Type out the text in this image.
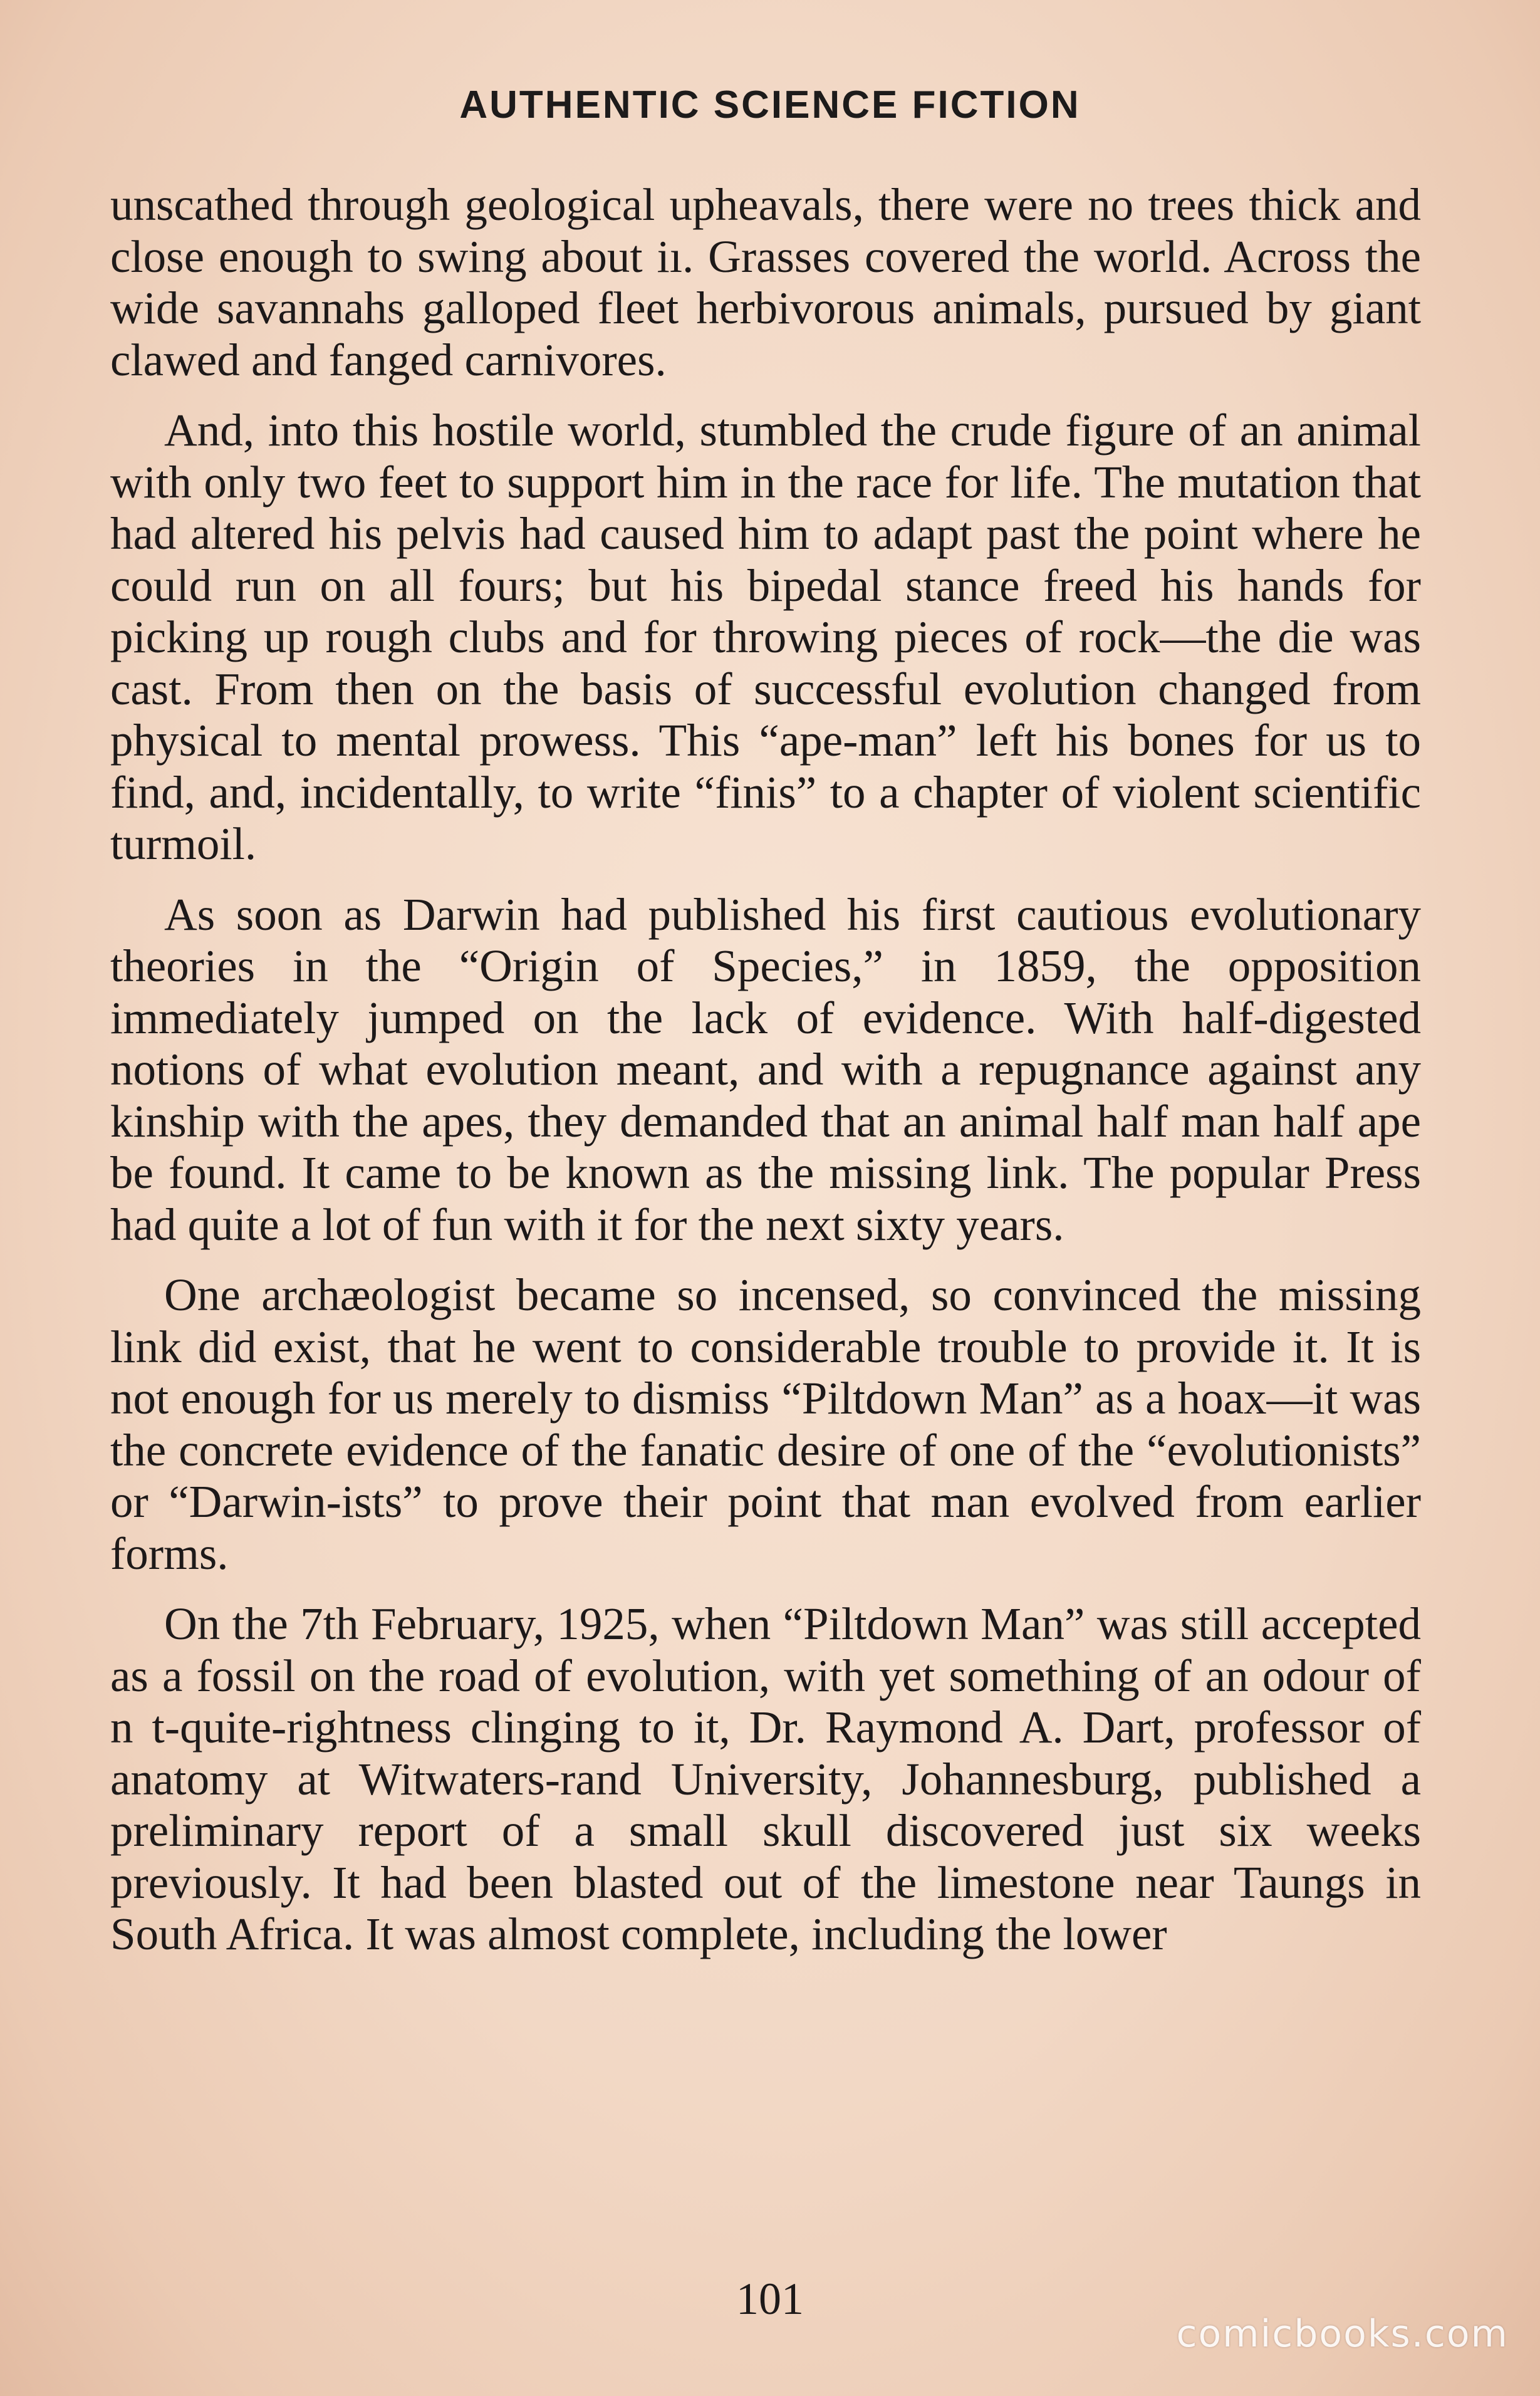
AUTHENTIC SCIENCE FICTION

unscathed through geological upheavals, there were no trees thick and close enough to swing about iı. Grasses covered the world. Across the wide savannahs galloped fleet herbivorous animals, pursued by giant clawed and fanged carnivores.

And, into this hostile world, stumbled the crude figure of an animal with only two feet to support him in the race for life. The mutation that had altered his pelvis had caused him to adapt past the point where he could run on all fours; but his bipedal stance freed his hands for picking up rough clubs and for throwing pieces of rock—the die was cast. From then on the basis of successful evolution changed from physical to mental prowess. This “ape-man” left his bones for us to find, and, incidentally, to write “finis” to a chapter of violent scientific turmoil.

As soon as Darwin had published his first cautious evolutionary theories in the “Origin of Species,” in 1859, the opposition immediately jumped on the lack of evidence. With half-digested notions of what evolution meant, and with a repugnance against any kinship with the apes, they demanded that an animal half man half ape be found. It came to be known as the missing link. The popular Press had quite a lot of fun with it for the next sixty years.

One archæologist became so incensed, so convinced the missing link did exist, that he went to considerable trouble to provide it. It is not enough for us merely to dismiss “Piltdown Man” as a hoax—it was the concrete evidence of the fanatic desire of one of the “evolutionists” or “Darwin-ists” to prove their point that man evolved from earlier forms.

On the 7th February, 1925, when “Piltdown Man” was still accepted as a fossil on the road of evolution, with yet something of an odour of n t-quite-rightness clinging to it, Dr. Raymond A. Dart, professor of anatomy at Witwaters-rand University, Johannesburg, published a preliminary report of a small skull discovered just six weeks previously. It had been blasted out of the limestone near Taungs in South Africa. It was almost complete, including the lower

101
comicbooks.com
